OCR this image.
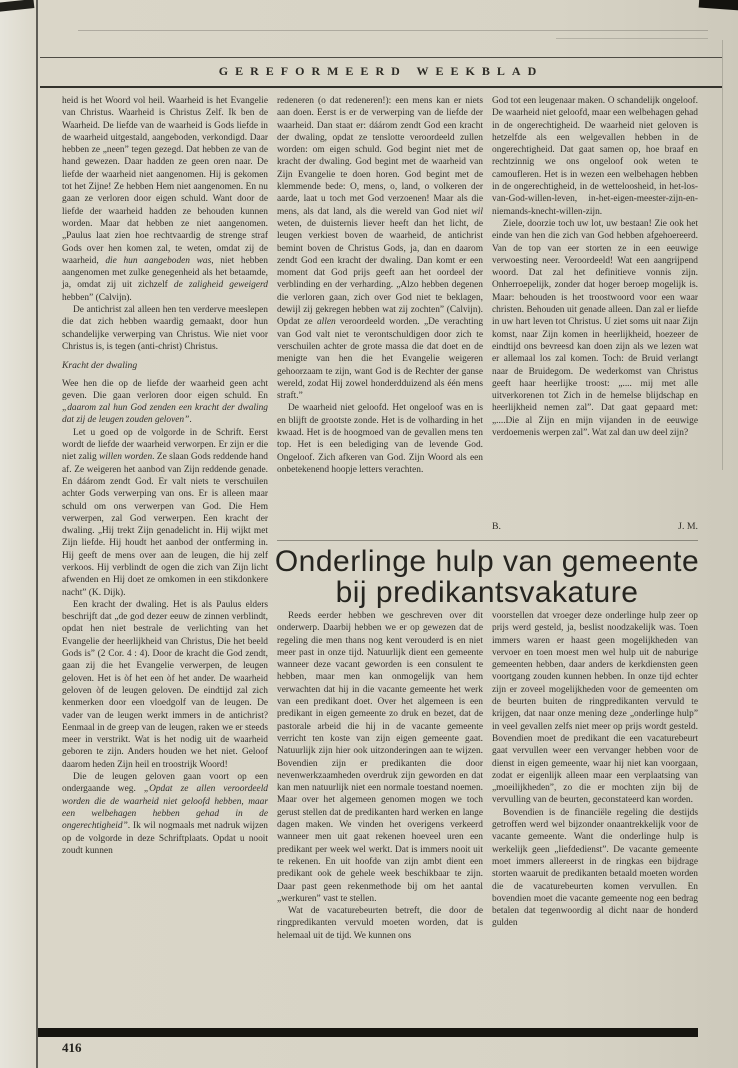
GEREFORMEERD WEEKBLAD

heid is het Woord vol heil. Waarheid is het Evangelie van Christus. Waarheid is Christus Zelf. Ik ben de Waarheid. De liefde van de waarheid is Gods liefde in de waarheid uitgestald, aangeboden, verkondigd. Daar hebben ze „neen” tegen gezegd. Dat hebben ze van de hand gewezen. Daar hadden ze geen oren naar. De liefde der waarheid niet aangenomen. Hij is gekomen tot het Zijne! Ze hebben Hem niet aangenomen. En nu gaan ze verloren door eigen schuld. Want door de liefde der waarheid hadden ze behouden kunnen worden. Maar dat hebben ze niet aangenomen. „Paulus laat zien hoe rechtvaardig de strenge straf Gods over hen komen zal, te weten, omdat zij de waarheid, die hun aangeboden was, niet hebben aangenomen met zulke genegenheid als het betaamde, ja, omdat zij uit zichzelf de zaligheid geweigerd hebben” (Calvijn).

De antichrist zal alleen hen ten verderve meeslepen die dat zich hebben waardig gemaakt, door hun schandelijke verwerping van Christus. Wie niet voor Christus is, is tegen (anti-christ) Christus.

Kracht der dwaling

Wee hen die op de liefde der waarheid geen acht geven. Die gaan verloren door eigen schuld. En „daarom zal hun God zenden een kracht der dwaling dat zij de leugen zouden geloven”.

Let u goed op de volgorde in de Schrift. Eerst wordt de liefde der waarheid verworpen. Er zijn er die niet zalig willen worden. Ze slaan Gods reddende hand af. Ze weigeren het aanbod van Zijn reddende genade. En dáárom zendt God. Er valt niets te verschuilen achter Gods verwerping van ons. Er is alleen maar schuld om ons verwerpen van God. Die Hem verwerpen, zal God verwerpen. Een kracht der dwaling. „Hij trekt Zijn genadelicht in. Hij wijkt met Zijn liefde. Hij houdt het aanbod der ontferming in. Hij geeft de mens over aan de leugen, die hij zelf verkoos. Hij verblindt de ogen die zich van Zijn licht afwenden en Hij doet ze omkomen in een stikdonkere nacht” (K. Dijk).

Een kracht der dwaling. Het is als Paulus elders beschrijft dat „de god dezer eeuw de zinnen verblindt, opdat hen niet bestrale de verlichting van het Evangelie der heerlijkheid van Christus, Die het beeld Gods is” (2 Cor. 4 : 4). Door de kracht die God zendt, gaan zij die het Evangelie verwerpen, de leugen geloven. Het is òf het een òf het ander. De waarheid geloven òf de leugen geloven. De eindtijd zal zich kenmerken door een vloedgolf van de leugen. De vader van de leugen werkt immers in de antichrist? Eenmaal in de greep van de leugen, raken we er steeds meer in verstrikt. Wat is het nodig uit de waarheid geboren te zijn. Anders houden we het niet. Geloof daarom heden Zijn heil en troostrijk Woord!

Die de leugen geloven gaan voort op een ondergaande weg. „Opdat ze allen veroordeeld worden die de waarheid niet geloofd hebben, maar een welbehagen hebben gehad in de ongerechtigheid”. Ik wil nogmaals met nadruk wijzen op de volgorde in deze Schriftplaats. Opdat u nooit zoudt kunnen

redeneren (o dat redeneren!): een mens kan er niets aan doen. Eerst is er de verwerping van de liefde der waarheid. Dan staat er: dáárom zendt God een kracht der dwaling, opdat ze tenslotte veroordeeld zullen worden: om eigen schuld. God begint niet met de kracht der dwaling. God begint met de waarheid van Zijn Evangelie te doen horen. God begint met de klemmende bede: O, mens, o, land, o volkeren der aarde, laat u toch met God verzoenen! Maar als die mens, als dat land, als die wereld van God niet wil weten, de duisternis liever heeft dan het licht, de leugen verkiest boven de waarheid, de antichrist bemint boven de Christus Gods, ja, dan en daarom zendt God een kracht der dwaling. Dan komt er een moment dat God prijs geeft aan het oordeel der verblinding en der verharding. „Alzo hebben degenen die verloren gaan, zich over God niet te beklagen, dewijl zij gekregen hebben wat zij zochten” (Calvijn). Opdat ze allen veroordeeld worden. „De verachting van God valt niet te verontschuldigen door zich te verschuilen achter de grote massa die dat doet en de menigte van hen die het Evangelie weigeren gehoorzaam te zijn, want God is de Rechter der ganse wereld, zodat Hij zowel honderdduizend als één mens straft.”

De waarheid niet geloofd. Het ongeloof was en is en blijft de grootste zonde. Het is de volharding in het kwaad. Het is de hoogmoed van de gevallen mens ten top. Het is een belediging van de levende God. Ongeloof. Zich afkeren van God. Zijn Woord als een onbetekenend hoopje letters verachten.

God tot een leugenaar maken. O schandelijk ongeloof. De waarheid niet geloofd, maar een welbehagen gehad in de ongerechtigheid. De waarheid niet geloven is hetzelfde als een welgevallen hebben in de ongerechtigheid. Dat gaat samen op, hoe braaf en rechtzinnig we ons ongeloof ook weten te camoufleren. Het is in wezen een welbehagen hebben in de ongerechtigheid, in de wetteloosheid, in het-los-van-God-willen-leven, in-het-eigen-meester-zijn-en-niemands-knecht-willen-zijn.

Ziele, doorzie toch uw lot, uw bestaan! Zie ook het einde van hen die zich van God hebben afgehoereerd. Van de top van eer storten ze in een eeuwige verwoesting neer. Veroordeeld! Wat een aangrijpend woord. Dat zal het definitieve vonnis zijn. Onherroepelijk, zonder dat hoger beroep mogelijk is. Maar: behouden is het troostwoord voor een waar christen. Behouden uit genade alleen. Dan zal er liefde in uw hart leven tot Christus. U ziet soms uit naar Zijn komst, naar Zijn komen in heerlijkheid, hoezeer de eindtijd ons bevreesd kan doen zijn als we lezen wat er allemaal los zal komen. Toch: de Bruid verlangt naar de Bruidegom. De wederkomst van Christus geeft haar heerlijke troost: „.... mij met alle uitverkorenen tot Zich in de hemelse blijdschap en heerlijkheid nemen zal”. Dat gaat gepaard met: „....Die al Zijn en mijn vijanden in de eeuwige verdoemenis werpen zal”. Wat zal dan uw deel zijn?

B.	J. M.
Onderlinge hulp van gemeente
bij predikantsvakature

Reeds eerder hebben we geschreven over dit onderwerp. Daarbij hebben we er op gewezen dat de regeling die men thans nog kent verouderd is en niet meer past in onze tijd. Natuurlijk dient een gemeente wanneer deze vacant geworden is een consulent te hebben, maar men kan onmogelijk van hem verwachten dat hij in die vacante gemeente het werk van een predikant doet. Over het algemeen is een predikant in eigen gemeente zo druk en bezet, dat de pastorale arbeid die hij in de vacante gemeente verricht ten koste van zijn eigen gemeente gaat. Natuurlijk zijn hier ook uitzonderingen aan te wijzen. Bovendien zijn er predikanten die door nevenwerkzaamheden overdruk zijn geworden en dat kan men natuurlijk niet een normale toestand noemen. Maar over het algemeen genomen mogen we toch gerust stellen dat de predikanten hard werken en lange dagen maken. We vinden het overigens verkeerd wanneer men uit gaat rekenen hoeveel uren een predikant per week wel werkt. Dat is immers nooit uit te rekenen. En uit hoofde van zijn ambt dient een predikant ook de gehele week beschikbaar te zijn. Daar past geen rekenmethode bij om het aantal „werkuren” vast te stellen.

Wat de vacaturebeurten betreft, die door de ringpredikanten vervuld moeten worden, dat is helemaal uit de tijd. We kunnen ons

voorstellen dat vroeger deze onderlinge hulp zeer op prijs werd gesteld, ja, beslist noodzakelijk was. Toen immers waren er haast geen mogelijkheden van vervoer en toen moest men wel hulp uit de naburige gemeenten hebben, daar anders de kerkdiensten geen voortgang zouden kunnen hebben. In onze tijd echter zijn er zoveel mogelijkheden voor de gemeenten om de beurten buiten de ringpredikanten vervuld te krijgen, dat naar onze mening deze „onderlinge hulp” in veel gevallen zelfs niet meer op prijs wordt gesteld. Bovendien moet de predikant die een vacaturebeurt gaat vervullen weer een vervanger hebben voor de dienst in eigen gemeente, waar hij niet kan voorgaan, zodat er eigenlijk alleen maar een verplaatsing van „moeilijkheden”, zo die er mochten zijn bij de vervulling van de beurten, geconstateerd kan worden.

Bovendien is de financiële regeling die destijds getroffen werd wel bijzonder onaantrekkelijk voor de vacante gemeente. Want die onderlinge hulp is werkelijk geen „liefdedienst”. De vacante gemeente moet immers allereerst in de ringkas een bijdrage storten waaruit de predikanten betaald moeten worden die de vacaturebeurten komen vervullen. En bovendien moet die vacante gemeente nog een bedrag betalen dat tegenwoordig al dicht naar de honderd gulden

416
